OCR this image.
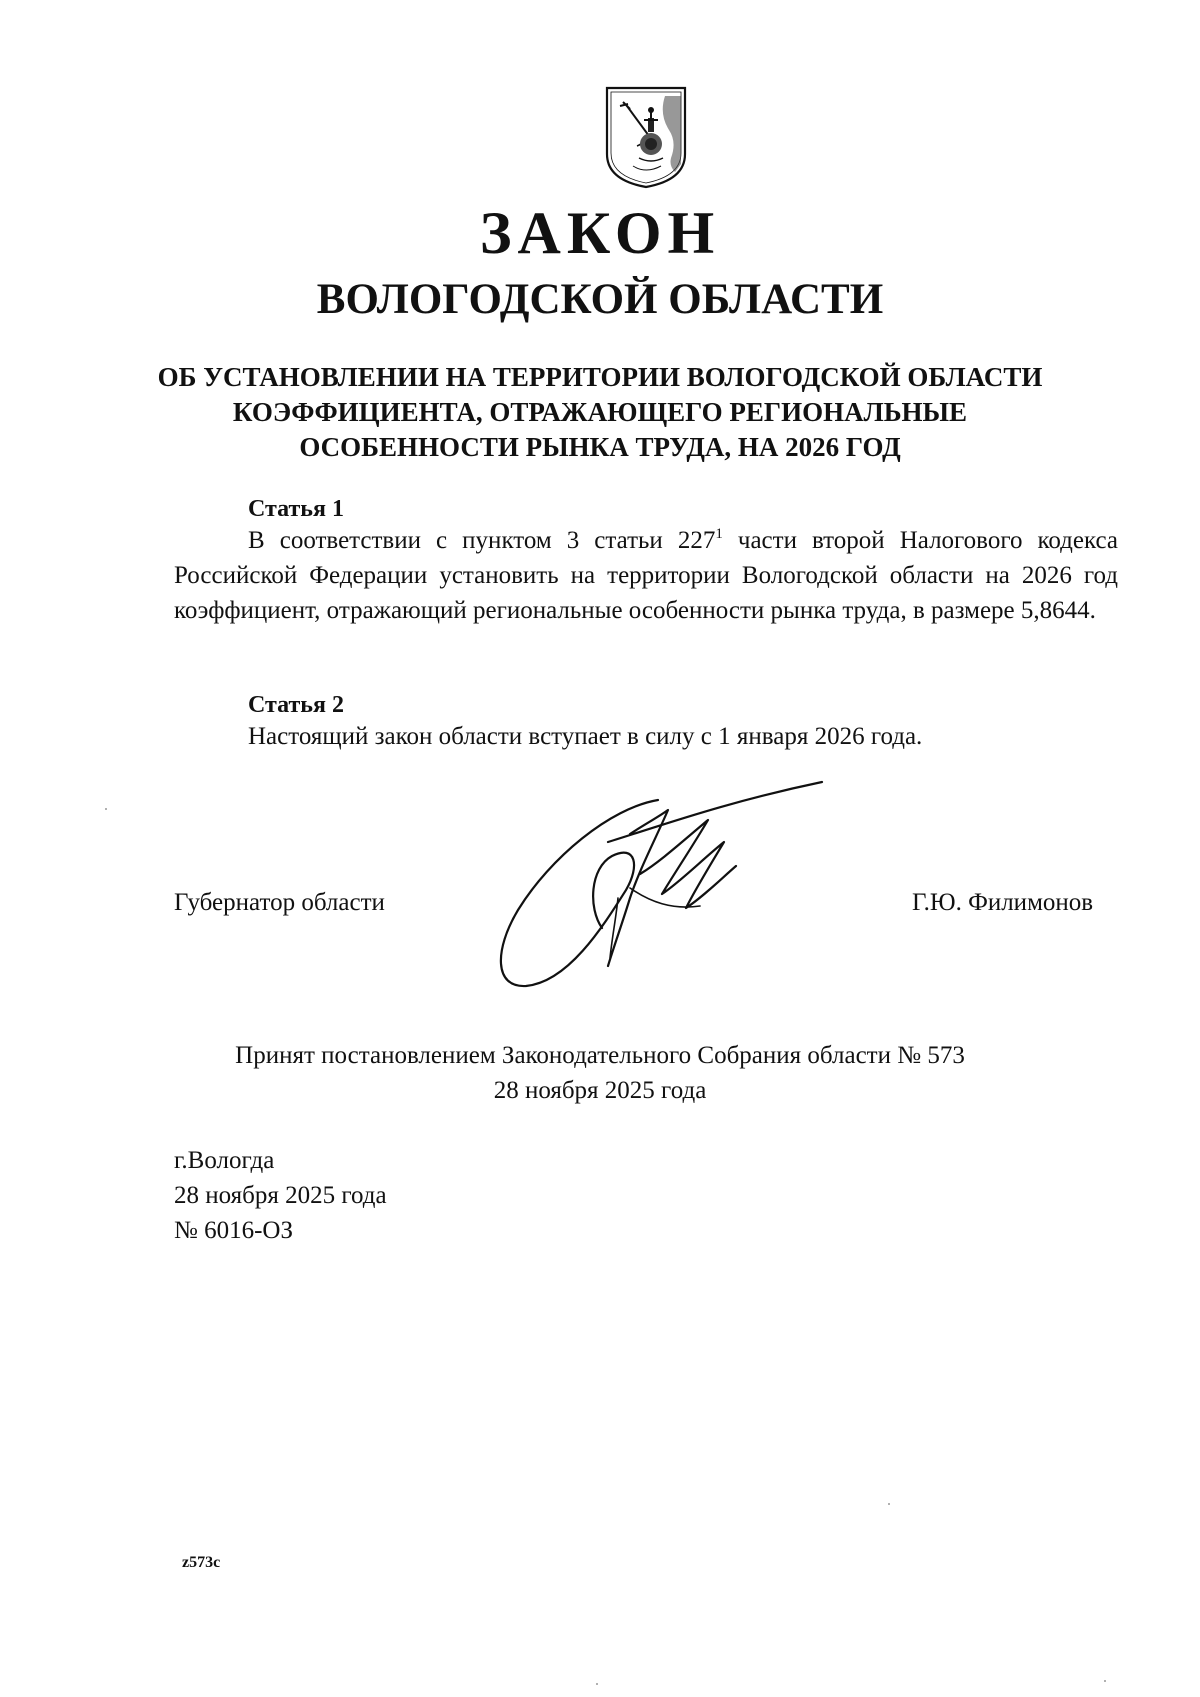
ЗАКОН
ВОЛОГОДСКОЙ ОБЛАСТИ
ОБ УСТАНОВЛЕНИИ НА ТЕРРИТОРИИ ВОЛОГОДСКОЙ ОБЛАСТИ
КОЭФФИЦИЕНТА, ОТРАЖАЮЩЕГО РЕГИОНАЛЬНЫЕ
ОСОБЕННОСТИ РЫНКА ТРУДА, НА 2026 ГОД
Статья 1
В соответствии с пунктом 3 статьи $227^1$ части второй Налогового кодекса Российской Федерации установить на территории Вологодской области на 2026 год коэффициент, отражающий региональные особенности рынка труда, в размере 5,8644.
Статья 2
Настоящий закон области вступает в силу с 1 января 2026 года.
Губернатор области	Г.Ю. Филимонов
Принят постановлением Законодательного Собрания области № 573
28 ноября 2025 года
г.Вологда
28 ноября 2025 года
№ 6016-ОЗ
z573c
